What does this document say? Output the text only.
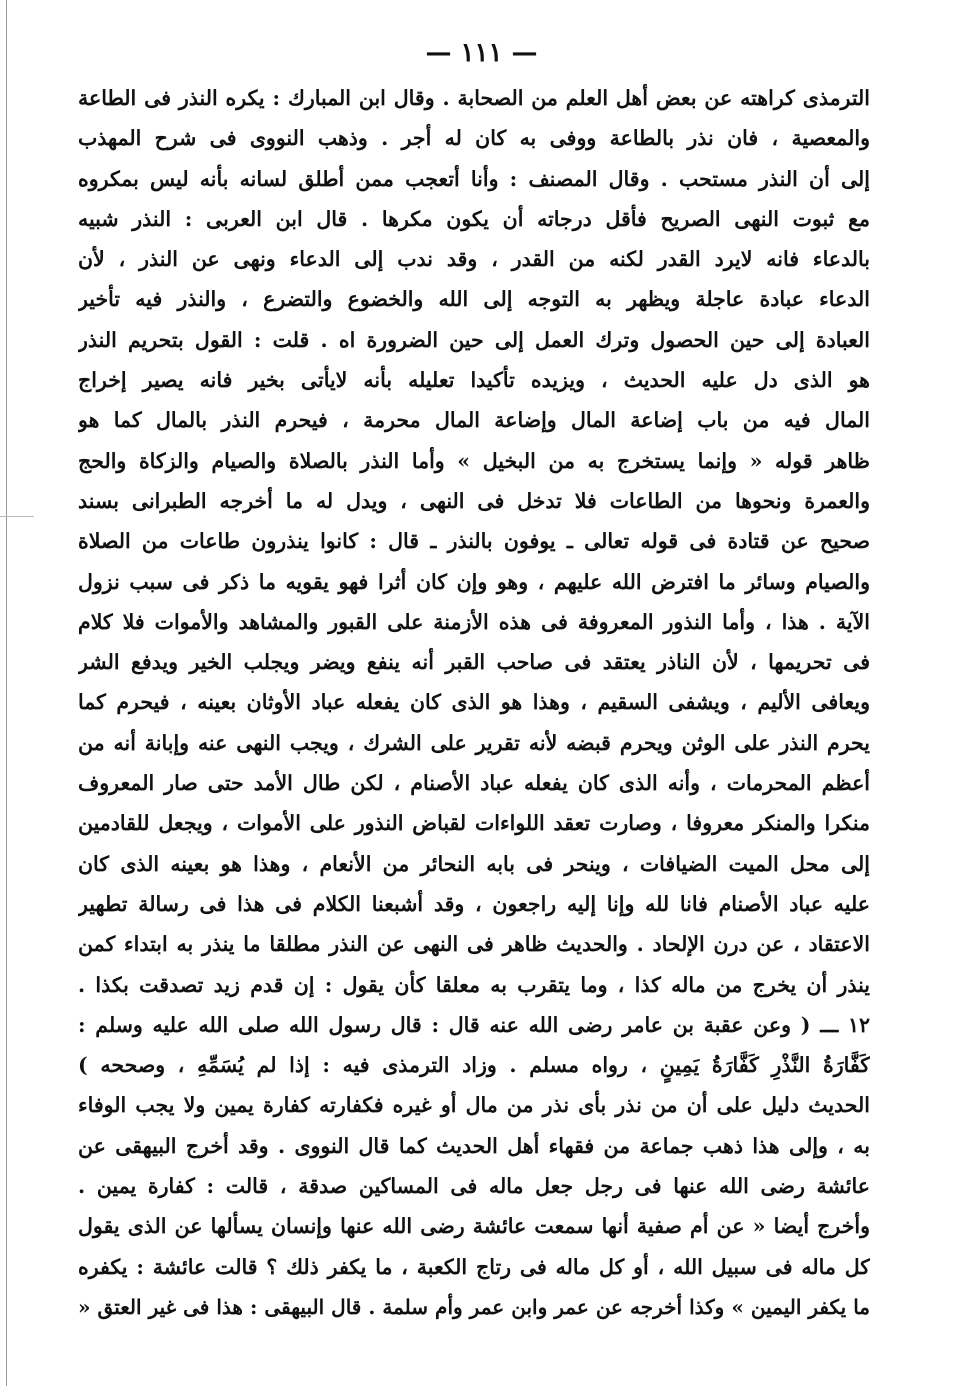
— ١١١ —
الترمذى كراهته عن بعض أهل العلم من الصحابة . وقال ابن المبارك : يكره النذر فى الطاعة
والمعصية ، فان نذر بالطاعة ووفى به كان له أجر . وذهب النووى فى شرح المهذب
إلى أن النذر مستحب . وقال المصنف : وأنا أتعجب ممن أطلق لسانه بأنه ليس بمكروه
مع ثبوت النهى الصريح فأقل درجاته أن يكون مكرها . قال ابن العربى : النذر شبيه
بالدعاء فانه لايرد القدر لكنه من القدر ، وقد ندب إلى الدعاء ونهى عن النذر ، لأن
الدعاء عبادة عاجلة ويظهر به التوجه إلى الله والخضوع والتضرع ، والنذر فيه تأخير
العبادة إلى حين الحصول وترك العمل إلى حين الضرورة اه . قلت : القول بتحريم النذر
هو الذى دل عليه الحديث ، ويزيده تأكيدا تعليله بأنه لايأتى بخير فانه يصير إخراج
المال فيه من باب إضاعة المال وإضاعة المال محرمة ، فيحرم النذر بالمال كما هو
ظاهر قوله « وإنما يستخرج به من البخيل » وأما النذر بالصلاة والصيام والزكاة والحج
والعمرة ونحوها من الطاعات فلا تدخل فى النهى ، ويدل له ما أخرجه الطبرانى بسند
صحيح عن قتادة فى قوله تعالى ـ يوفون بالنذر ـ قال : كانوا ينذرون طاعات من الصلاة
والصيام وسائر ما افترض الله عليهم ، وهو وإن كان أثرا فهو يقويه ما ذكر فى سبب نزول
الآية . هذا ، وأما النذور المعروفة فى هذه الأزمنة على القبور والمشاهد والأموات فلا كلام
فى تحريمها ، لأن الناذر يعتقد فى صاحب القبر أنه ينفع ويضر ويجلب الخير ويدفع الشر
ويعافى الأليم ، ويشفى السقيم ، وهذا هو الذى كان يفعله عباد الأوثان بعينه ، فيحرم كما
يحرم النذر على الوثن ويحرم قبضه لأنه تقرير على الشرك ، ويجب النهى عنه وإبانة أنه من
أعظم المحرمات ، وأنه الذى كان يفعله عباد الأصنام ، لكن طال الأمد حتى صار المعروف
منكرا والمنكر معروفا ، وصارت تعقد اللواءات لقباض النذور على الأموات ، ويجعل للقادمين
إلى محل الميت الضيافات ، وينحر فى بابه النحائر من الأنعام ، وهذا هو بعينه الذى كان
عليه عباد الأصنام فانا لله وإنا إليه راجعون ، وقد أشبعنا الكلام فى هذا فى رسالة تطهير
الاعتقاد ، عن درن الإلحاد . والحديث ظاهر فى النهى عن النذر مطلقا ما ينذر به ابتداء كمن
ينذر أن يخرج من ماله كذا ، وما يتقرب به معلقا كأن يقول : إن قدم زيد تصدقت بكذا .
١٢ ـــ ( وعن عقبة بن عامر رضى الله عنه قال : قال رسول الله صلى الله عليه وسلم :
كَفَّارَةُ النَّذْرِ كَفَّارَةُ يَمِينٍ ، رواه مسلم . وزاد الترمذى فيه : إذا لم يُسَمِّهِ ، وصححه )
الحديث دليل على أن من نذر بأى نذر من مال أو غيره فكفارته كفارة يمين ولا يجب الوفاء
به ، وإلى هذا ذهب جماعة من فقهاء أهل الحديث كما قال النووى . وقد أخرج البيهقى عن
عائشة رضى الله عنها فى رجل جعل ماله فى المساكين صدقة ، قالت : كفارة يمين .
وأخرج أيضا « عن أم صفية أنها سمعت عائشة رضى الله عنها وإنسان يسألها عن الذى يقول
كل ماله فى سبيل الله ، أو كل ماله فى رتاج الكعبة ، ما يكفر ذلك ؟ قالت عائشة : يكفره
ما يكفر اليمين » وكذا أخرجه عن عمر وابن عمر وأم سلمة . قال البيهقى : هذا فى غير العتق «
